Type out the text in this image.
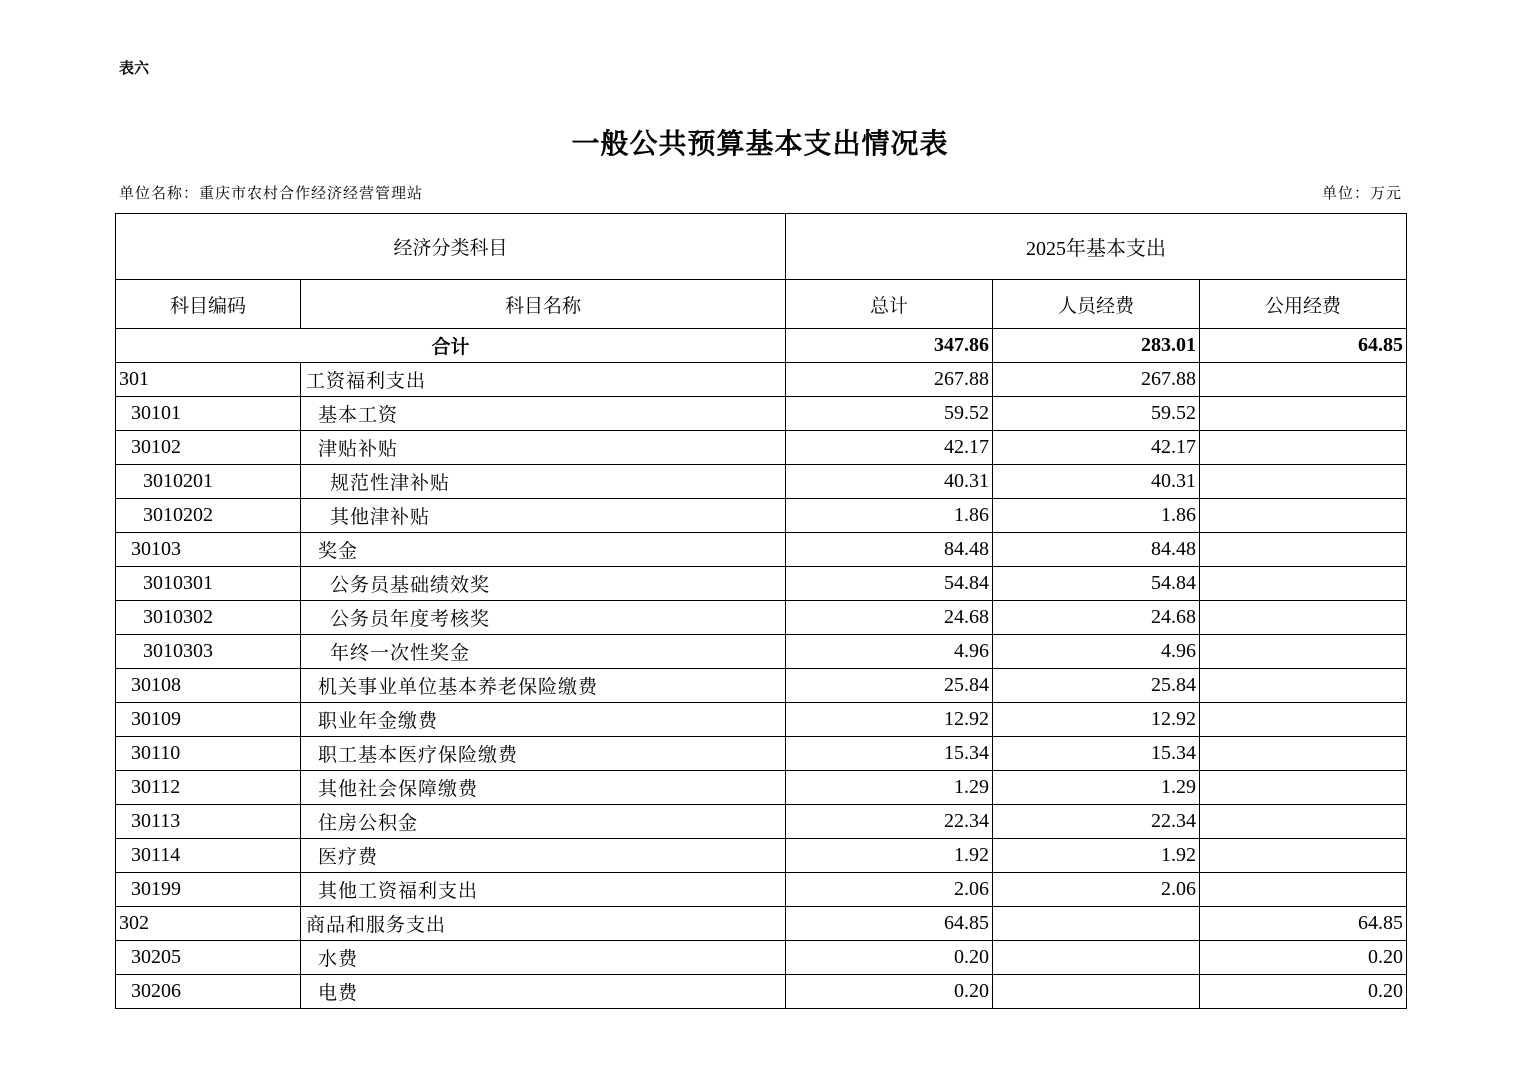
表六
一般公共预算基本支出情况表
单位名称：重庆市农村合作经济经营管理站	单位：万元
经济分类科目		2025年基本支出		
科目编码	科目名称	总计	人员经费	公用经费
合计		347.86	283.01	64.85
301	工资福利支出	267.88	267.88	
30101	基本工资	59.52	59.52	
30102	津贴补贴	42.17	42.17	
3010201	规范性津补贴	40.31	40.31	
3010202	其他津补贴	1.86	1.86	
30103	奖金	84.48	84.48	
3010301	公务员基础绩效奖	54.84	54.84	
3010302	公务员年度考核奖	24.68	24.68	
3010303	年终一次性奖金	4.96	4.96	
30108	机关事业单位基本养老保险缴费	25.84	25.84	
30109	职业年金缴费	12.92	12.92	
30110	职工基本医疗保险缴费	15.34	15.34	
30112	其他社会保障缴费	1.29	1.29	
30113	住房公积金	22.34	22.34	
30114	医疗费	1.92	1.92	
30199	其他工资福利支出	2.06	2.06	
302	商品和服务支出	64.85		64.85
30205	水费	0.20		0.20
30206	电费	0.20		0.20
